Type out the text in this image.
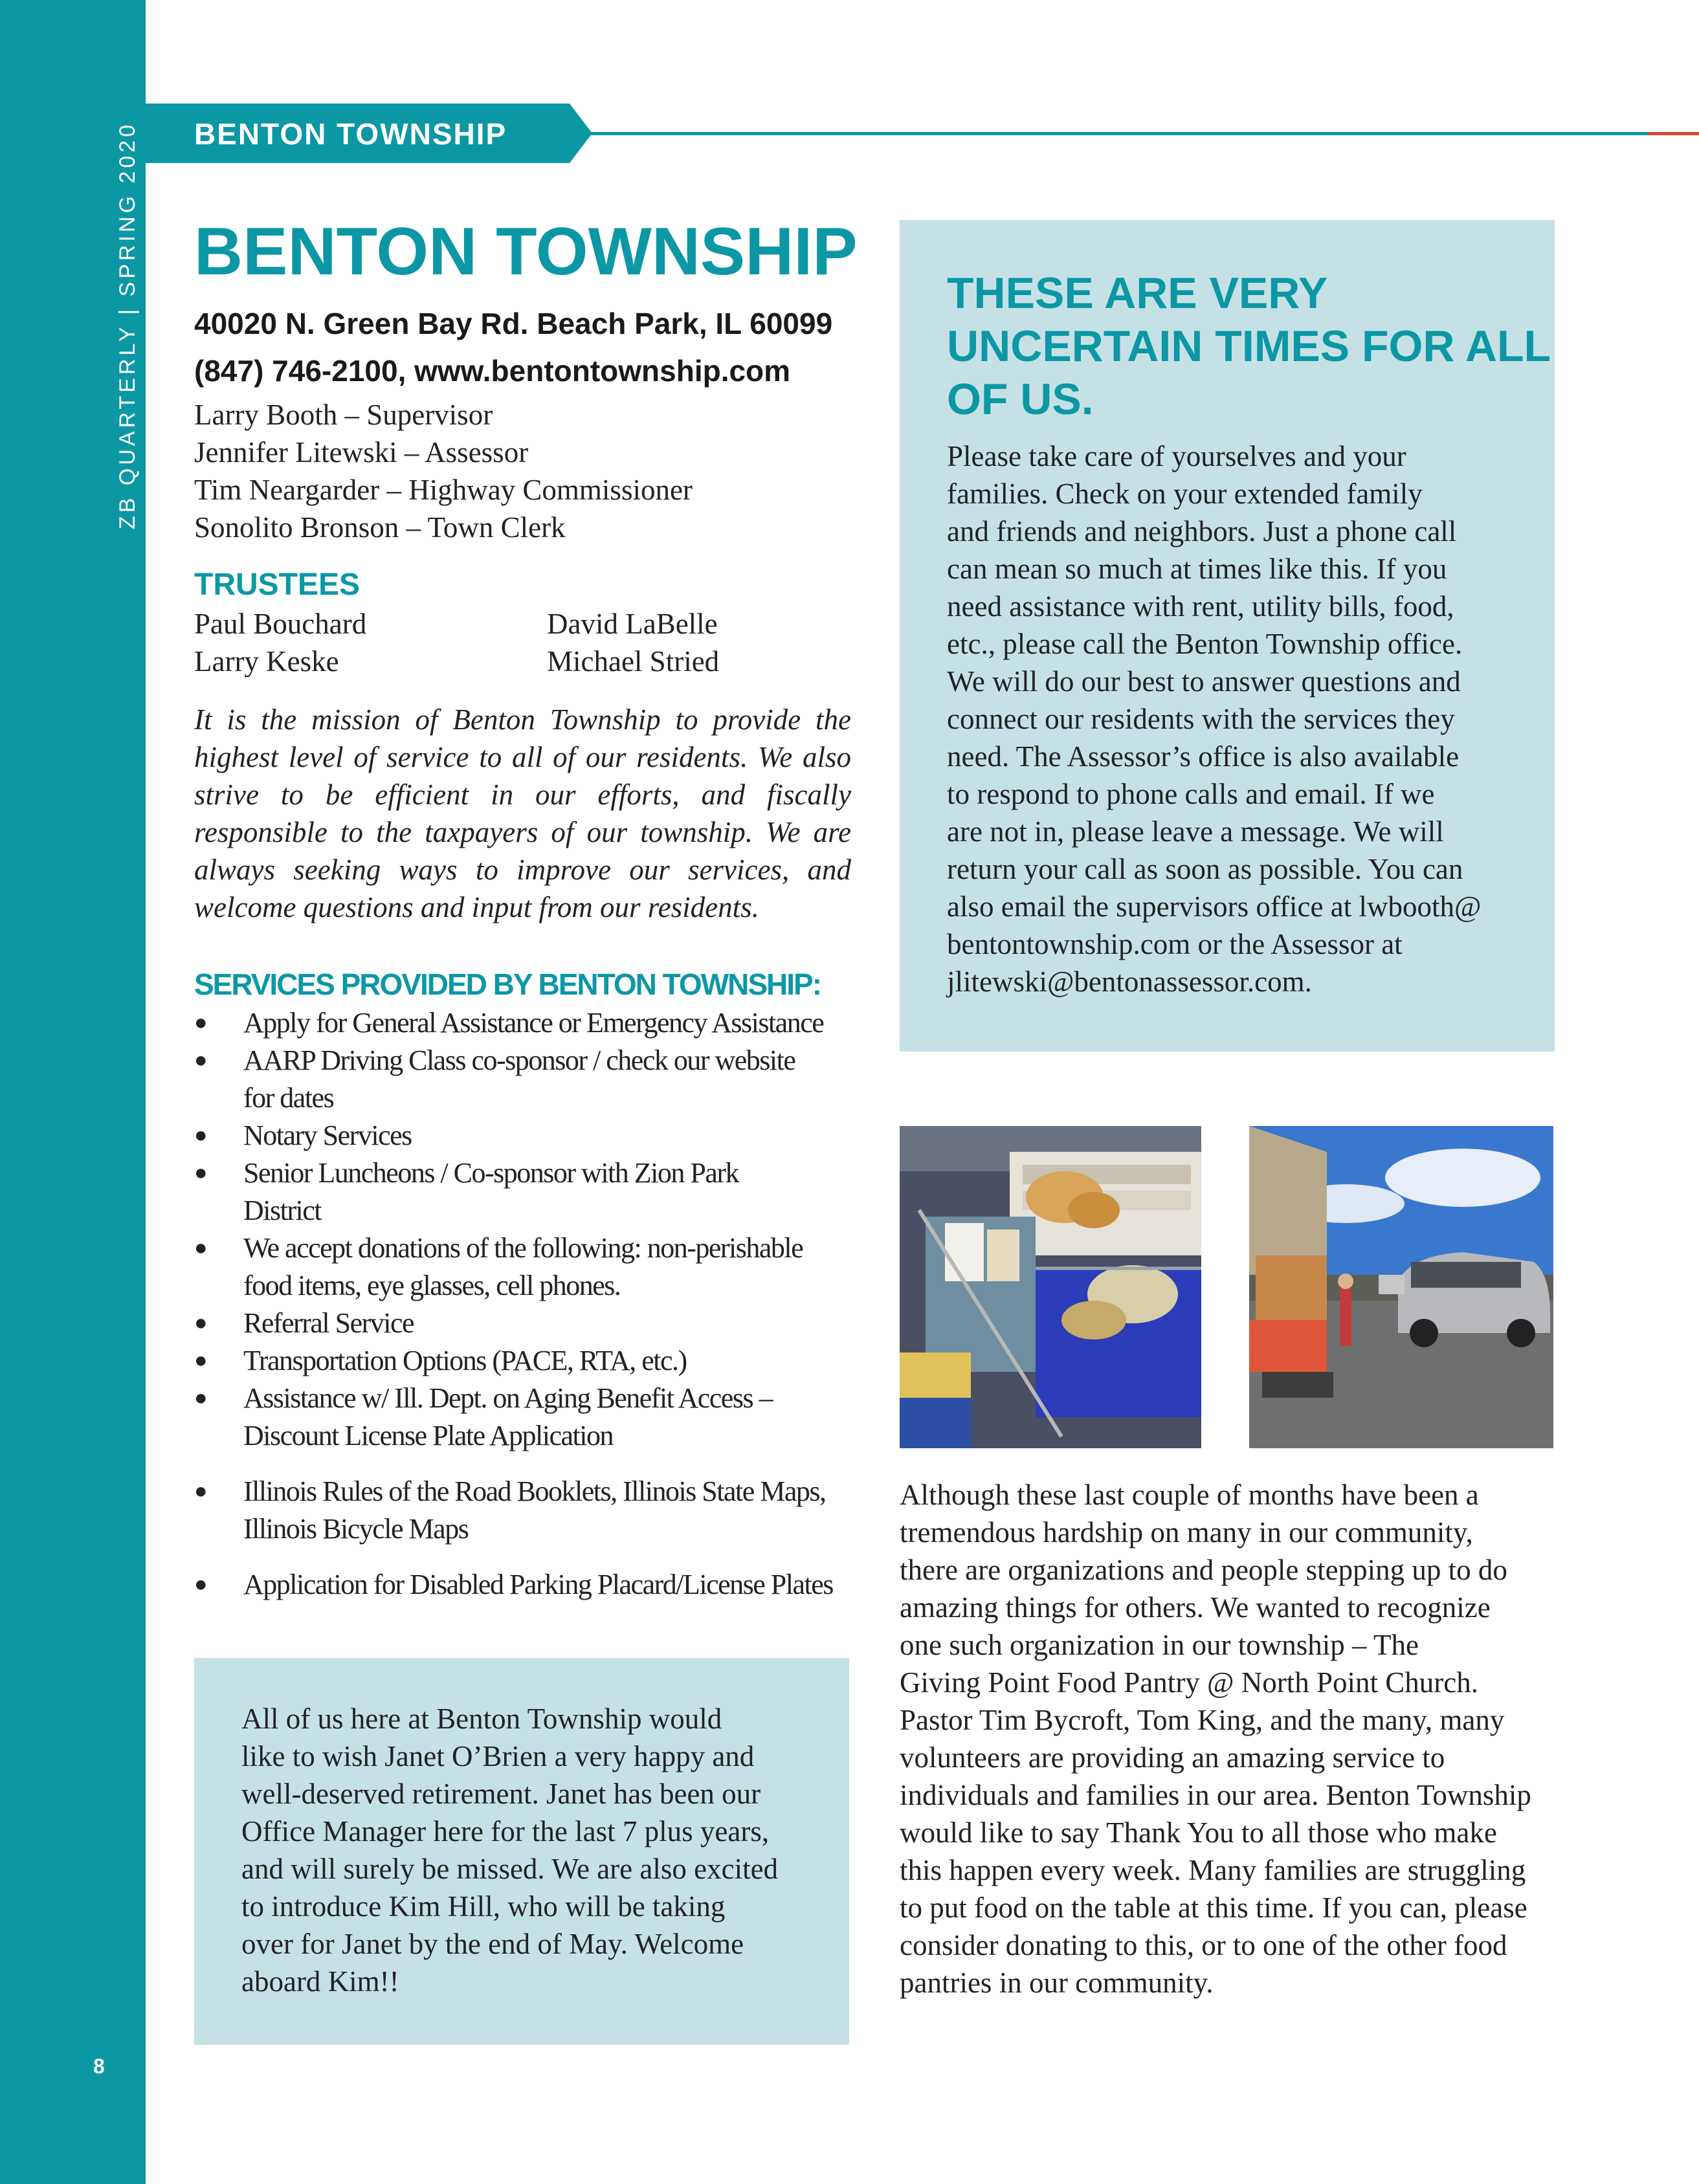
ZB QUARTERLY | SPRING 2020
8
BENTON TOWNSHIP
BENTON TOWNSHIP
40020 N. Green Bay Rd. Beach Park, IL 60099
(847) 746-2100, www.bentontownship.com
Larry Booth – Supervisor
Jennifer Litewski – Assessor
Tim Neargarder – Highway Commissioner
Sonolito Bronson – Town Clerk
TRUSTEES
Paul Bouchard
Larry Keske
David LaBelle
Michael Stried
It is the mission of Benton Township to provide the highest level of service to all of our residents. We also strive to be efficient in our efforts, and fiscally responsible to the taxpayers of our township. We are always seeking ways to improve our services, and welcome questions and input from our residents.
SERVICES PROVIDED BY BENTON TOWNSHIP:
● Apply for General Assistance or Emergency Assistance
● AARP Driving Class co-sponsor / check our website
for dates
● Notary Services
● Senior Luncheons / Co-sponsor with Zion Park
District
● We accept donations of the following: non-perishable
food items, eye glasses, cell phones.
● Referral Service
● Transportation Options (PACE, RTA, etc.)
● Assistance w/ Ill. Dept. on Aging Benefit Access –
Discount License Plate Application
● Illinois Rules of the Road Booklets, Illinois State Maps,
Illinois Bicycle Maps
● Application for Disabled Parking Placard/License Plates
All of us here at Benton Township would
like to wish Janet O’Brien a very happy and
well-deserved retirement. Janet has been our
Office Manager here for the last 7 plus years,
and will surely be missed. We are also excited
to introduce Kim Hill, who will be taking
over for Janet by the end of May. Welcome
aboard Kim!!
THESE ARE VERY
UNCERTAIN TIMES FOR ALL
OF US.
Please take care of yourselves and your
families. Check on your extended family
and friends and neighbors. Just a phone call
can mean so much at times like this. If you
need assistance with rent, utility bills, food,
etc., please call the Benton Township office.
We will do our best to answer questions and
connect our residents with the services they
need. The Assessor’s office is also available
to respond to phone calls and email. If we
are not in, please leave a message. We will
return your call as soon as possible. You can
also email the supervisors office at lwbooth@
bentontownship.com or the Assessor at
jlitewski@bentonassessor.com.
Although these last couple of months have been a
tremendous hardship on many in our community,
there are organizations and people stepping up to do
amazing things for others. We wanted to recognize
one such organization in our township – The
Giving Point Food Pantry @ North Point Church.
Pastor Tim Bycroft, Tom King, and the many, many
volunteers are providing an amazing service to
individuals and families in our area. Benton Township
would like to say Thank You to all those who make
this happen every week. Many families are struggling
to put food on the table at this time. If you can, please
consider donating to this, or to one of the other food
pantries in our community.
